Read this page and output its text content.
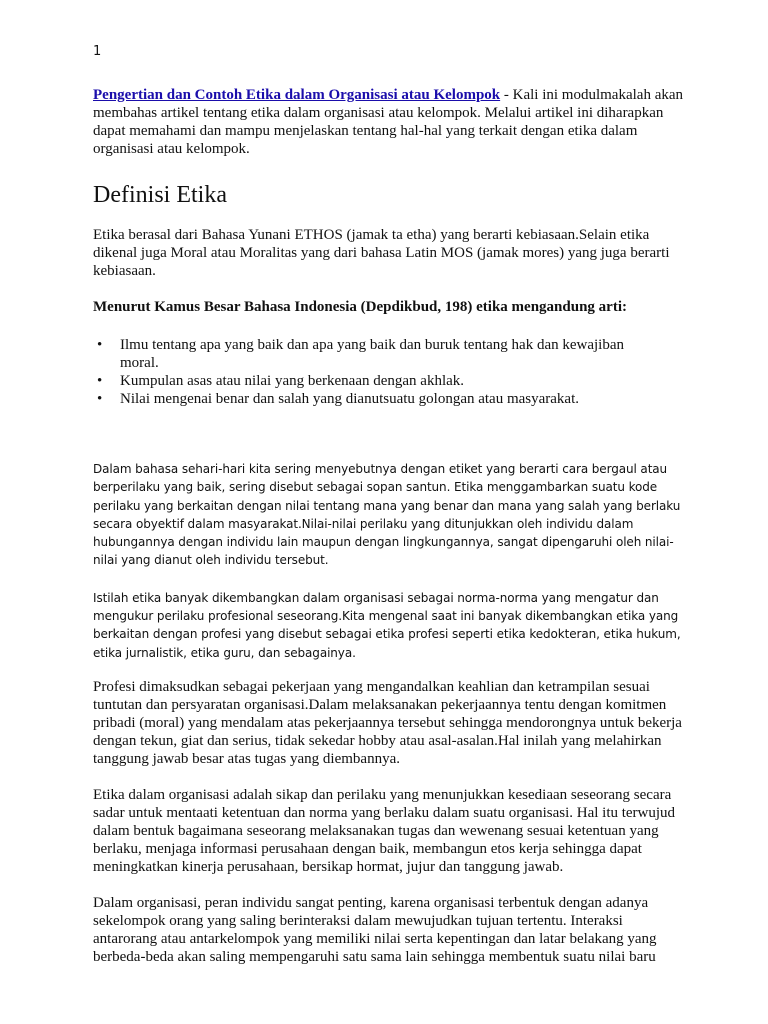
1

Pengertian dan Contoh Etika dalam Organisasi atau Kelompok - Kali ini modulmakalah akan membahas artikel tentang etika dalam organisasi atau kelompok. Melalui artikel ini diharapkan dapat memahami dan mampu menjelaskan tentang hal-hal yang terkait dengan etika dalam organisasi atau kelompok.

Definisi Etika

Etika berasal dari Bahasa Yunani ETHOS (jamak ta etha) yang berarti kebiasaan.Selain etika dikenal juga Moral atau Moralitas yang dari bahasa Latin MOS (jamak mores) yang juga berarti kebiasaan.

Menurut Kamus Besar Bahasa Indonesia (Depdikbud, 198) etika mengandung arti:

• Ilmu tentang apa yang baik dan apa yang baik dan buruk tentang hak dan kewajiban moral.
• Kumpulan asas atau nilai yang berkenaan dengan akhlak.
• Nilai mengenai benar dan salah yang dianutsuatu golongan atau masyarakat.

Dalam bahasa sehari-hari kita sering menyebutnya dengan etiket yang berarti cara bergaul atau berperilaku yang baik, sering disebut sebagai sopan santun. Etika menggambarkan suatu kode perilaku yang berkaitan dengan nilai tentang mana yang benar dan mana yang salah yang berlaku secara obyektif dalam masyarakat.Nilai-nilai perilaku yang ditunjukkan oleh individu dalam hubungannya dengan individu lain maupun dengan lingkungannya, sangat dipengaruhi oleh nilai-nilai yang dianut oleh individu tersebut.

Istilah etika banyak dikembangkan dalam organisasi sebagai norma-norma yang mengatur dan mengukur perilaku profesional seseorang.Kita mengenal saat ini banyak dikembangkan etika yang berkaitan dengan profesi yang disebut sebagai etika profesi seperti etika kedokteran, etika hukum, etika jurnalistik, etika guru, dan sebagainya.

Profesi dimaksudkan sebagai pekerjaan yang mengandalkan keahlian dan ketrampilan sesuai tuntutan dan persyaratan organisasi.Dalam melaksanakan pekerjaannya tentu dengan komitmen pribadi (moral) yang mendalam atas pekerjaannya tersebut sehingga mendorongnya untuk bekerja dengan tekun, giat dan serius, tidak sekedar hobby atau asal-asalan.Hal inilah yang melahirkan tanggung jawab besar atas tugas yang diembannya.

Etika dalam organisasi adalah sikap dan perilaku yang menunjukkan kesediaan seseorang secara sadar untuk mentaati ketentuan dan norma yang berlaku dalam suatu organisasi. Hal itu terwujud dalam bentuk bagaimana seseorang melaksanakan tugas dan wewenang sesuai ketentuan yang berlaku, menjaga informasi perusahaan dengan baik, membangun etos kerja sehingga dapat meningkatkan kinerja perusahaan, bersikap hormat, jujur dan tanggung jawab.

Dalam organisasi, peran individu sangat penting, karena organisasi terbentuk dengan adanya sekelompok orang yang saling berinteraksi dalam mewujudkan tujuan tertentu. Interaksi antarorang atau antarkelompok yang memiliki nilai serta kepentingan dan latar belakang yang berbeda-beda akan saling mempengaruhi satu sama lain sehingga membentuk suatu nilai baru
